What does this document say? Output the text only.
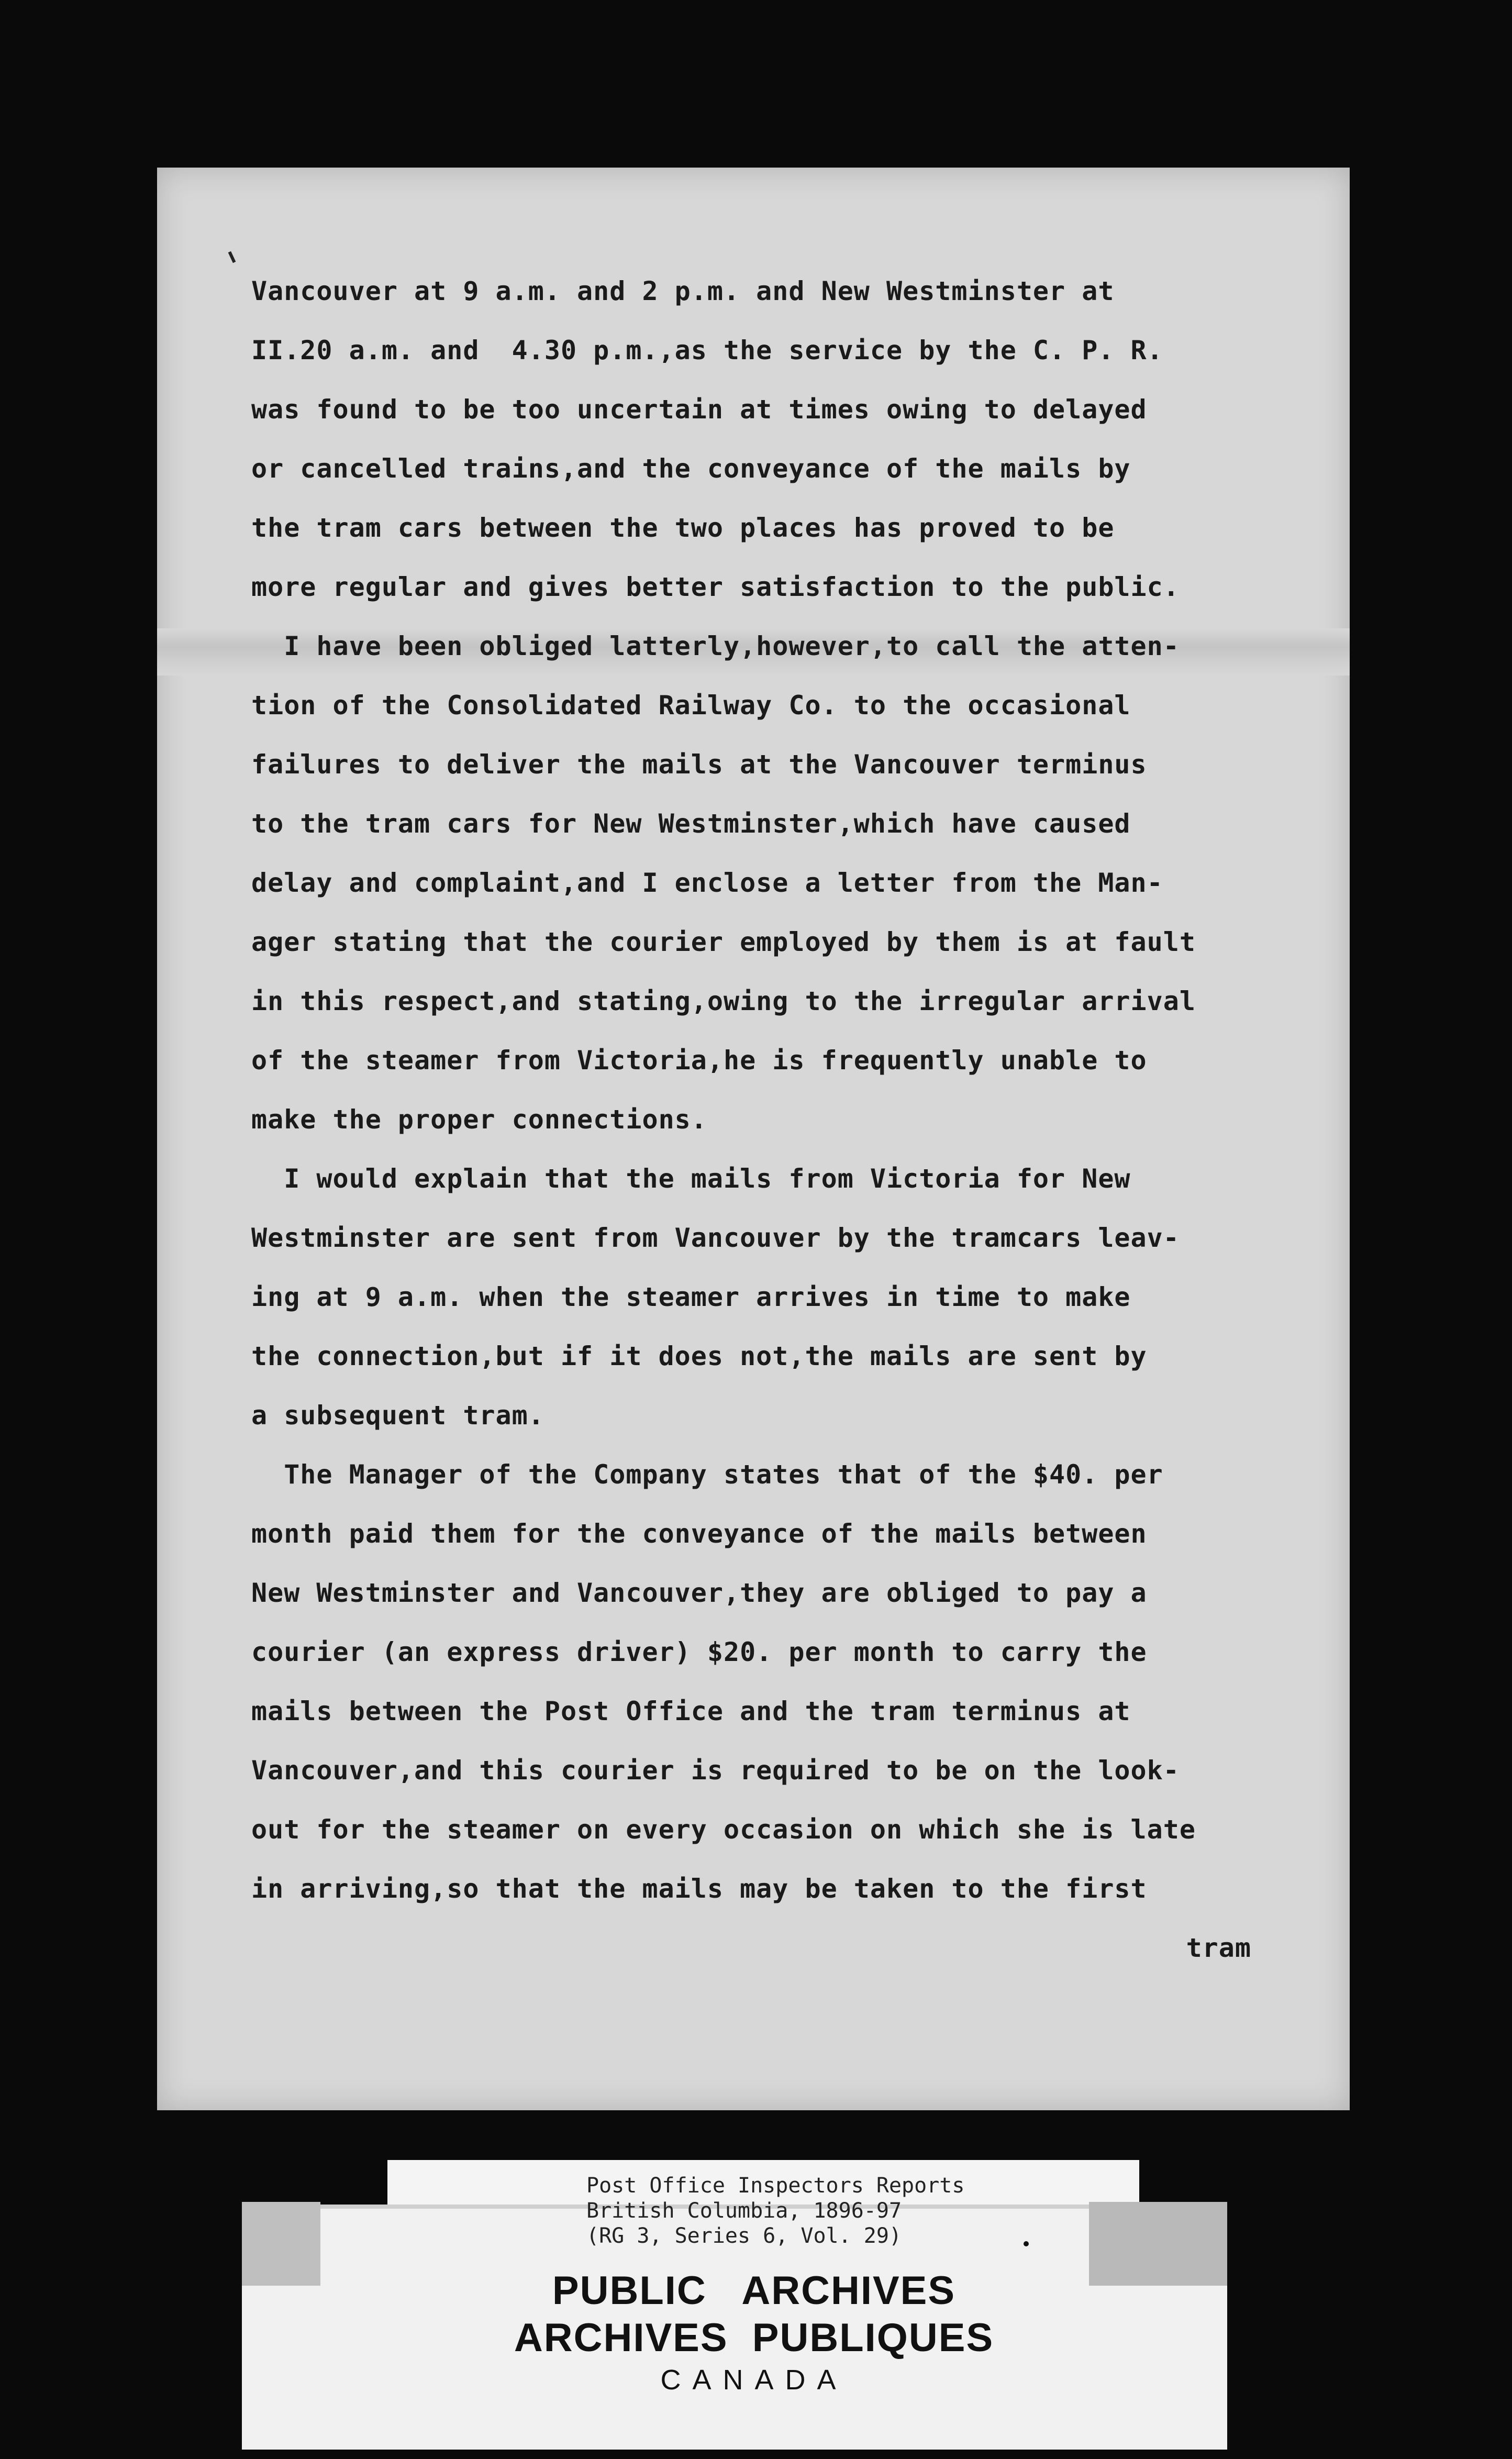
Vancouver at 9 a.m. and 2 p.m. and New Westminster at
II.20 a.m. and  4.30 p.m.,as the service by the C. P. R.
was found to be too uncertain at times owing to delayed
or cancelled trains,and the conveyance of the mails by
the tram cars between the two places has proved to be
more regular and gives better satisfaction to the public.
I have been obliged latterly,however,to call the atten-
tion of the Consolidated Railway Co. to the occasional
failures to deliver the mails at the Vancouver terminus
to the tram cars for New Westminster,which have caused
delay and complaint,and I enclose a letter from the Man-
ager stating that the courier employed by them is at fault
in this respect,and stating,owing to the irregular arrival
of the steamer from Victoria,he is frequently unable to
make the proper connections.
I would explain that the mails from Victoria for New
Westminster are sent from Vancouver by the tramcars leav-
ing at 9 a.m. when the steamer arrives in time to make
the connection,but if it does not,the mails are sent by
a subsequent tram.
The Manager of the Company states that of the $40. per
month paid them for the conveyance of the mails between
New Westminster and Vancouver,they are obliged to pay a
courier (an express driver) $20. per month to carry the
mails between the Post Office and the tram terminus at
Vancouver,and this courier is required to be on the look-
out for the steamer on every occasion on which she is late
in arriving,so that the mails may be taken to the first
tram
Post Office Inspectors Reports
British Columbia, 1896-97
(RG 3, Series 6, Vol. 29)
PUBLIC   ARCHIVES
ARCHIVES  PUBLIQUES
CANADA
